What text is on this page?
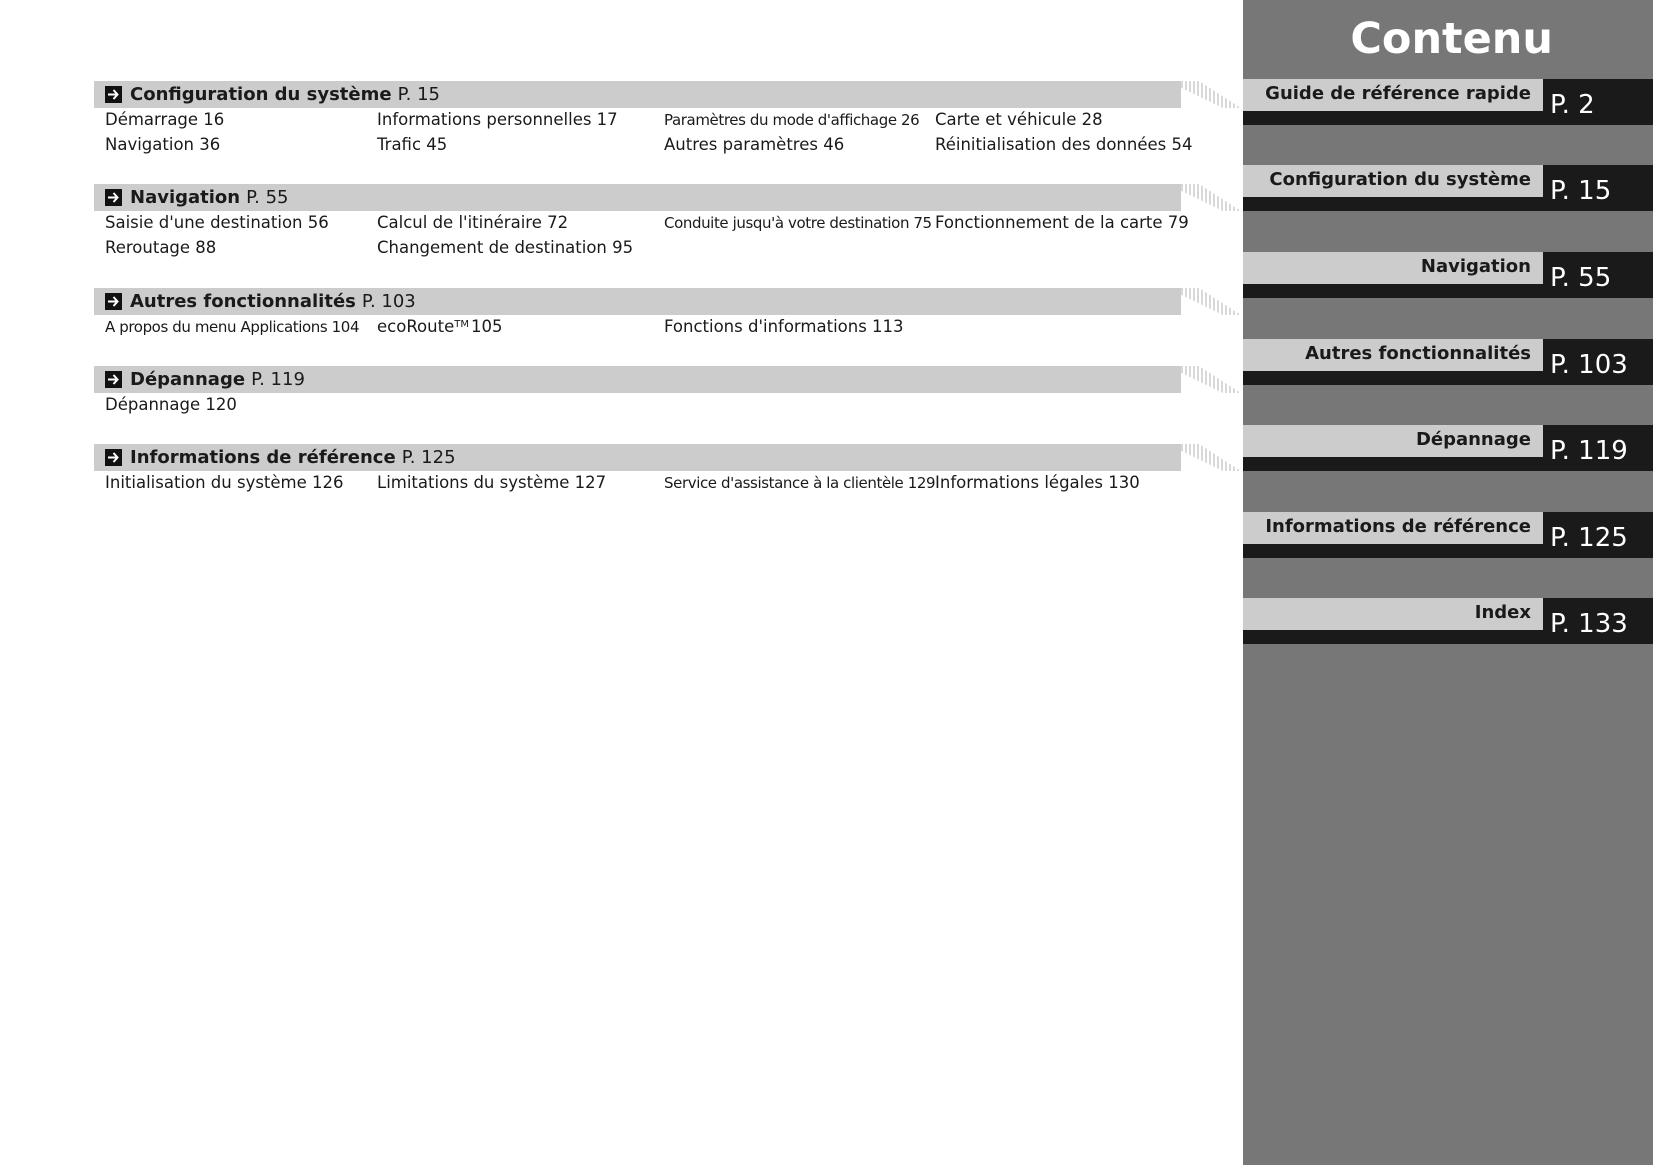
Configuration du système P. 15
Démarrage 16	Informations personnelles 17	Paramètres du mode d'affichage 26 Carte et véhicule 28
Navigation 36	Trafic 45	Autres paramètres 46	Réinitialisation des données 54
Navigation P. 55
Saisie d'une destination 56	Calcul de l'itinéraire 72	Conduite jusqu'à votre destination 75 Fonctionnement de la carte 79
Reroutage 88	Changement de destination 95
Autres fonctionnalités P. 103
A propos du menu Applications 104 ecoRoute™ 105	Fonctions d'informations 113
Dépannage P. 119
Dépannage 120
Informations de référence P. 125
Initialisation du système 126 Limitations du système 127	Service d'assistance à la clientèle 129 Informations légales 130
Contenu
Guide de référence rapide P. 2
Configuration du système P. 15
Navigation P. 55
Autres fonctionnalités P. 103
Dépannage P. 119
Informations de référence P. 125
Index P. 133
